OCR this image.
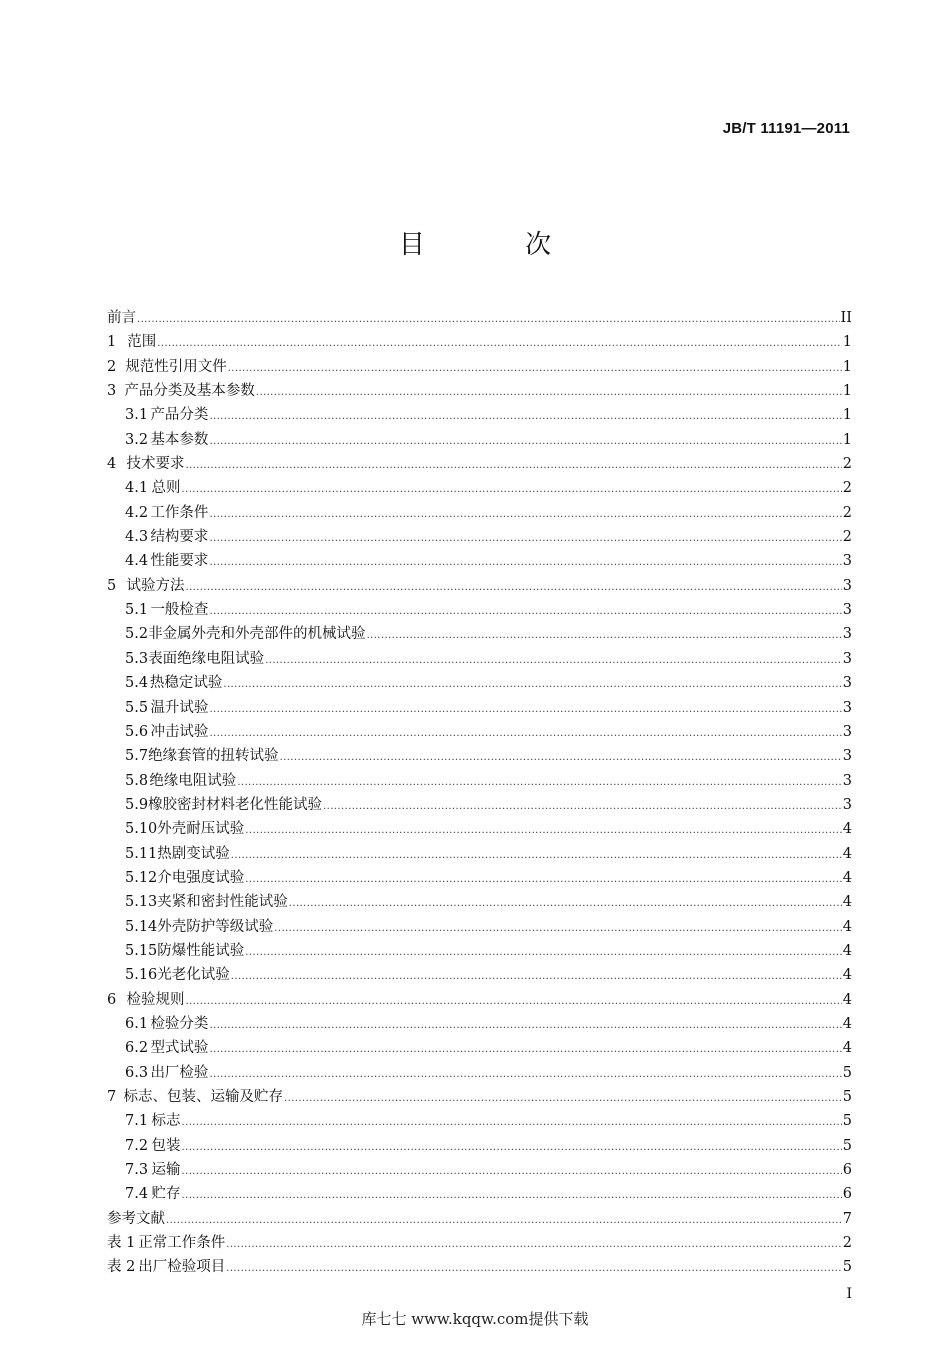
JB/T 11191—2011
目 次
前言 .....	II
1 范围 .....	1
2 规范性引用文件 .....	1
3 产品分类及基本参数 .....	1
3.1 产品分类 .....	1
3.2 基本参数 .....	1
4 技术要求 .....	2
4.1 总则 .....	2
4.2 工作条件 .....	2
4.3 结构要求 .....	2
4.4 性能要求 .....	3
5 试验方法 .....	3
5.1 一般检查 .....	3
5.2 非金属外壳和外壳部件的机械试验 .....	3
5.3 表面绝缘电阻试验 .....	3
5.4 热稳定试验 .....	3
5.5 温升试验 .....	3
5.6 冲击试验 .....	3
5.7 绝缘套管的扭转试验 .....	3
5.8 绝缘电阻试验 .....	3
5.9 橡胶密封材料老化性能试验 .....	3
5.10 外壳耐压试验 .....	4
5.11 热剧变试验 .....	4
5.12 介电强度试验 .....	4
5.13 夹紧和密封性能试验 .....	4
5.14 外壳防护等级试验 .....	4
5.15 防爆性能试验 .....	4
5.16 光老化试验 .....	4
6 检验规则 .....	4
6.1 检验分类 .....	4
6.2 型式试验 .....	4
6.3 出厂检验 .....	5
7 标志、包装、运输及贮存 .....	5
7.1 标志 .....	5
7.2 包装 .....	5
7.3 运输 .....	6
7.4 贮存 .....	6
参考文献 .....	7
表 1 正常工作条件 .....	2
表 2 出厂检验项目 .....	5
I
库七七 www.kqqw.com提供下载
